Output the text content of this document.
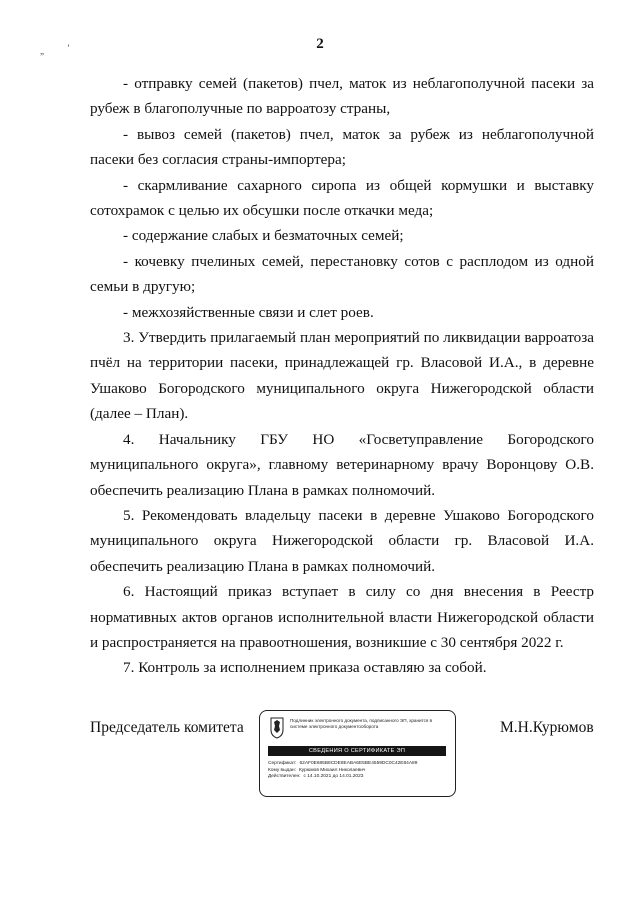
2
„	’

- отправку семей (пакетов) пчел, маток из неблагополучной пасеки за рубеж в благополучные по варроатозу страны,

- вывоз семей (пакетов) пчел, маток за рубеж из неблагополучной пасеки без согласия страны-импортера;

- скармливание сахарного сиропа из общей кормушки и выставку сотохрамок с целью их обсушки после откачки меда;

- содержание слабых и безматочных семей;

- кочевку пчелиных семей, перестановку сотов с расплодом из одной семьи в другую;

- межхозяйственные связи и слет роев.

3. Утвердить прилагаемый план мероприятий по ликвидации варроатоза пчёл на территории пасеки, принадлежащей гр. Власовой И.А., в деревне Ушаково Богородского муниципального округа Нижегородской области (далее – План).

4. Начальнику ГБУ НО «Госветуправление Богородского муниципального округа», главному ветеринарному врачу Воронцову О.В. обеспечить реализацию Плана в рамках полномочий.

5. Рекомендовать владельцу пасеки в деревне Ушаково Богородского муниципального округа Нижегородской области гр. Власовой И.А. обеспечить реализацию Плана в рамках полномочий.

6. Настоящий приказ вступает в силу со дня внесения в Реестр нормативных актов органов исполнительной власти Нижегородской области и распространяется на правоотношения, возникшие с 30 сентября 2022 г.

7. Контроль за исполнением приказа оставляю за собой.

Председатель комитета	Подлинник электронного документа, подписанного ЭП, хранится в системе электронного документооборота
СВЕДЕНИЯ О СЕРТИФИКАТЕ ЭП
Сертификат: 62AF0E685B8CDE8EABA6E5BE4559DC0C42E84A89
Кому выдан: Курюмов Михаил Николаевич
Действителен: с 14.10.2021 до 14.01.2023
М.Н.Курюмов
